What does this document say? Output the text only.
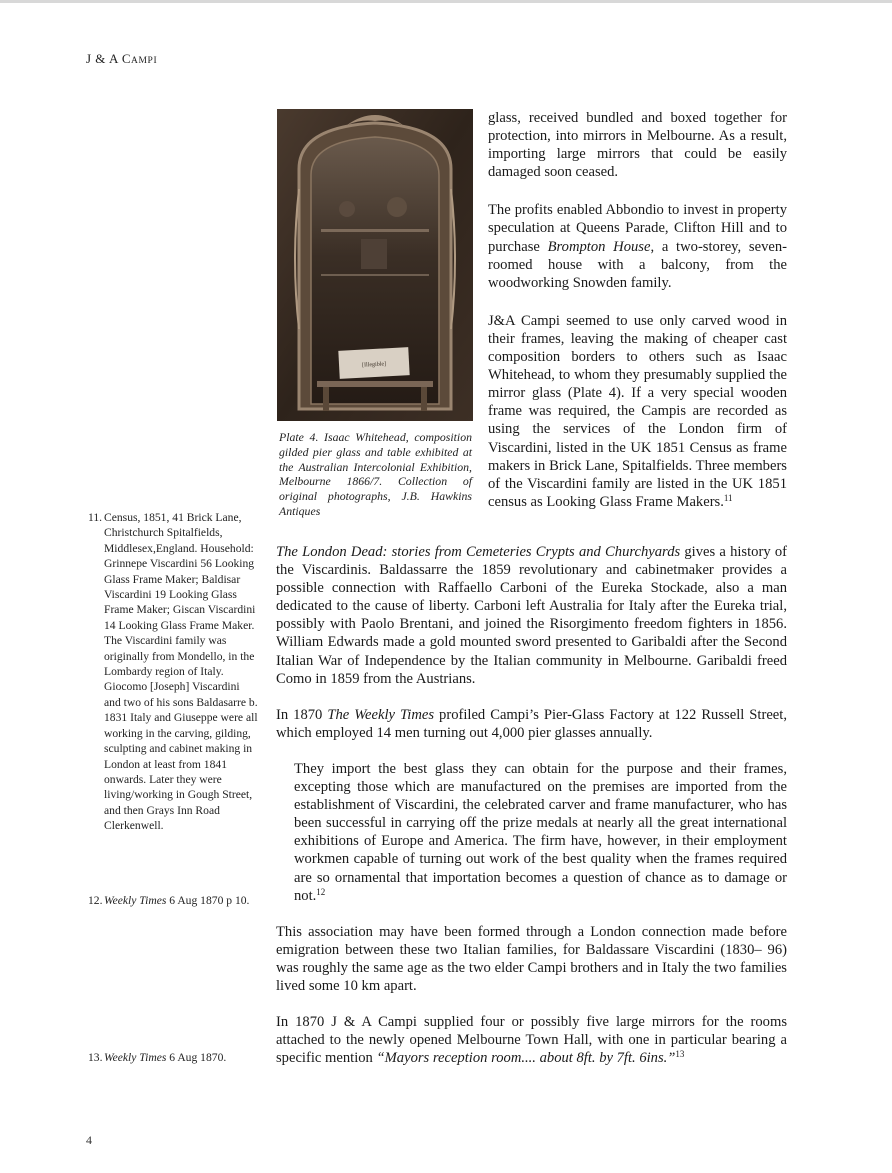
J & A CAMPI
[Illegible]
Plate 4. Isaac Whitehead, composition gilded pier glass and table exhibited at the Australian Intercolonial Exhibition, Melbourne 1866/7. Collection of original photographs, J.B. Hawkins Antiques

glass, received bundled and boxed together for protection, into mirrors in Melbourne. As a result, importing large mirrors that could be easily damaged soon ceased.

The profits enabled Abbondio to invest in property speculation at Queens Parade, Clifton Hill and to purchase Brompton House, a two-storey, seven-roomed house with a balcony, from the woodworking Snowden family.

J&A Campi seemed to use only carved wood in their frames, leaving the making of cheaper cast composition borders to others such as Isaac Whitehead, to whom they presumably supplied the mirror glass (Plate 4). If a very special wooden frame was required, the Campis are recorded as using the services of the London firm of Viscardini, listed in the UK 1851 Census as frame makers in Brick Lane, Spitalfields. Three members of the Viscardini family are listed in the UK 1851 census as Looking Glass Frame Makers.$^{11}$

The London Dead: stories from Cemeteries Crypts and Churchyards gives a history of the Viscardinis. Baldassarre the 1859 revolutionary and cabinetmaker provides a possible connection with Raffaello Carboni of the Eureka Stockade, also a man dedicated to the cause of liberty. Carboni left Australia for Italy after the Eureka trial, possibly with Paolo Brentani, and joined the Risorgimento freedom fighters in 1856. William Edwards made a gold mounted sword presented to Garibaldi after the Second Italian War of Independence by the Italian community in Melbourne. Garibaldi freed Como in 1859 from the Austrians.

In 1870 The Weekly Times profiled Campi’s Pier-Glass Factory at 122 Russell Street, which employed 14 men turning out 4,000 pier glasses annually.

They import the best glass they can obtain for the purpose and their frames, excepting those which are manufactured on the premises are imported from the establishment of Viscardini, the celebrated carver and frame manufacturer, who has been successful in carrying off the prize medals at nearly all the great international exhibitions of Europe and America. The firm have, however, in their employment workmen capable of turning out work of the best quality when the frames required are so ornamental that importation becomes a question of chance as to damage or not.$^{12}$

This association may have been formed through a London connection made before emigration between these two Italian families, for Baldassare Viscardini (1830– 96) was roughly the same age as the two elder Campi brothers and in Italy the two families lived some 10 km apart.

In 1870 J & A Campi supplied four or possibly five large mirrors for the rooms attached to the newly opened Melbourne Town Hall, with one in particular bearing a specific mention “Mayors reception room.... about 8ft. by 7ft. 6ins.”$^{13}$

11. Census, 1851, 41 Brick Lane, Christchurch Spitalfields, Middlesex,England. Household: Grinnepe Viscardini 56 Looking Glass Frame Maker; Baldisar Viscardini 19 Looking Glass Frame Maker; Giscan Viscardini 14 Looking Glass Frame Maker. The Viscardini family was originally from Mondello, in the Lombardy region of Italy. Giocomo [Joseph] Viscardini and two of his sons Baldasarre b. 1831 Italy and Giuseppe were all working in the carving, gilding, sculpting and cabinet making in London at least from 1841 onwards. Later they were living/working in Gough Street, and then Grays Inn Road Clerkenwell.
12. Weekly Times 6 Aug 1870 p 10.
13. Weekly Times 6 Aug 1870.
4
